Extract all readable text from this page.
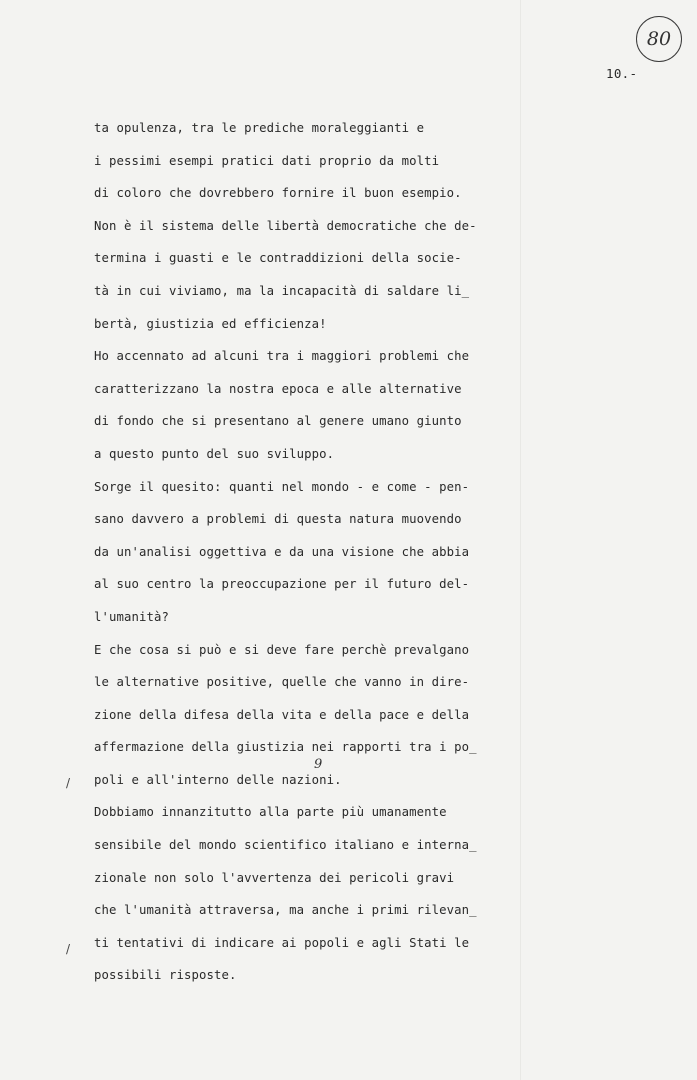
80
10.-
/
/
9
ta opulenza, tra le prediche moraleggianti e
i pessimi esempi pratici dati proprio da molti
di coloro che dovrebbero fornire il buon esempio.
Non è il sistema delle libertà democratiche che de-
termina i guasti e le contraddizioni della socie-
tà in cui viviamo, ma la incapacità di saldare li_
bertà, giustizia ed efficienza!
Ho accennato ad alcuni tra i maggiori problemi che
caratterizzano la nostra epoca e alle alternative
di fondo che si presentano al genere umano giunto
a questo punto del suo sviluppo.
Sorge il quesito: quanti nel mondo - e come - pen-
sano davvero a problemi di questa natura muovendo
da un'analisi oggettiva e da una visione che abbia
al suo centro la preoccupazione per il futuro del-
l'umanità?
E che cosa si può e si deve fare perchè prevalgano
le alternative positive, quelle che vanno in dire-
zione della difesa della vita e della pace e della
affermazione della giustizia nei rapporti tra i po_
poli e all'interno delle nazioni.
Dobbiamo innanzitutto alla parte più umanamente
sensibile del mondo scientifico italiano e interna_
zionale non solo l'avvertenza dei pericoli gravi
che l'umanità attraversa, ma anche i primi rilevan_
ti tentativi di indicare ai popoli e agli Stati le
possibili risposte.
